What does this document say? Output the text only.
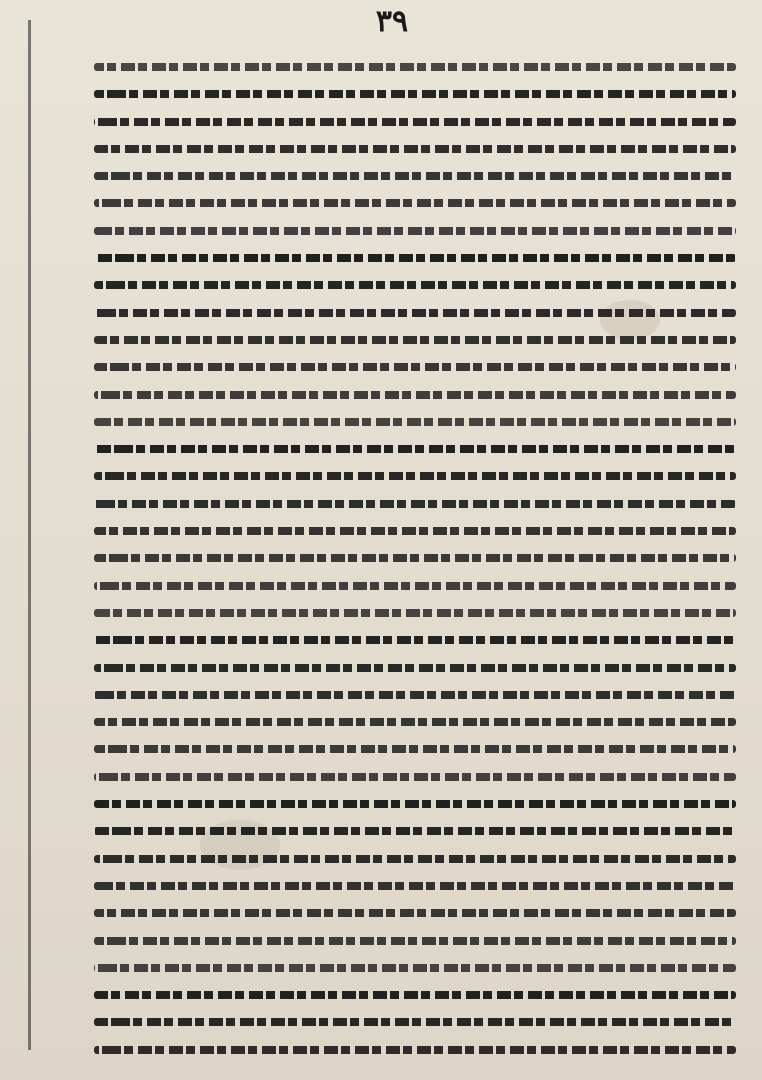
۳۹
